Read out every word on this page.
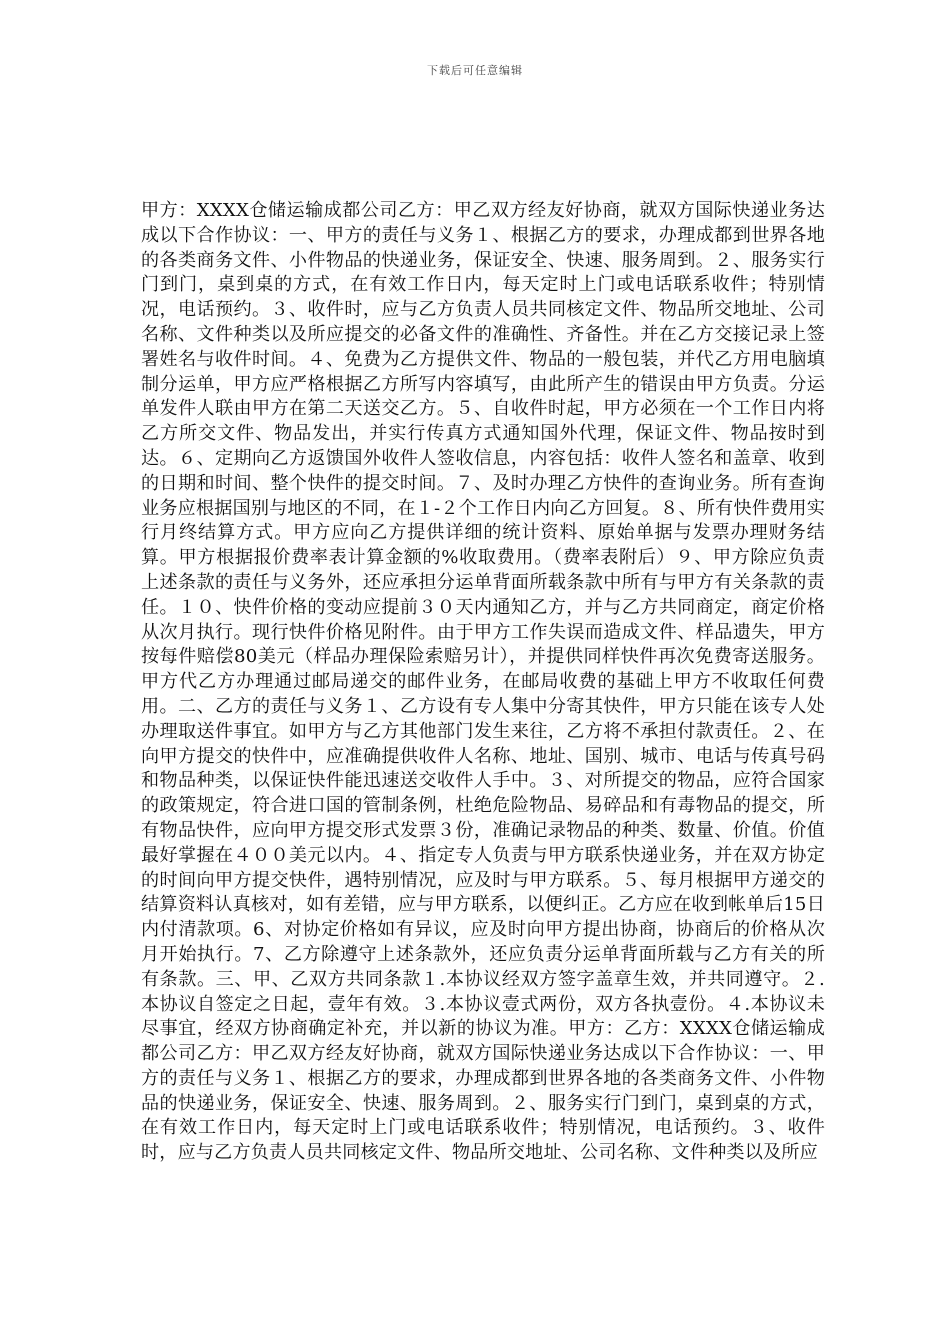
下载后可任意编辑

甲方：XXXX仓储运输成都公司乙方：甲乙双方经友好协商，就双方国际快递业务达成以下合作协议：一、甲方的责任与义务１、根据乙方的要求，办理成都到世界各地的各类商务文件、小件物品的快递业务，保证安全、快速、服务周到。２、服务实行门到门，桌到桌的方式，在有效工作日内，每天定时上门或电话联系收件；特别情况，电话预约。３、收件时，应与乙方负责人员共同核定文件、物品所交地址、公司名称、文件种类以及所应提交的必备文件的准确性、齐备性。并在乙方交接记录上签署姓名与收件时间。４、免费为乙方提供文件、物品的一般包装，并代乙方用电脑填制分运单，甲方应严格根据乙方所写内容填写，由此所产生的错误由甲方负责。分运单发件人联由甲方在第二天送交乙方。５、自收件时起，甲方必须在一个工作日内将乙方所交文件、物品发出，并实行传真方式通知国外代理，保证文件、物品按时到达。６、定期向乙方返馈国外收件人签收信息，内容包括：收件人签名和盖章、收到的日期和时间、整个快件的提交时间。７、及时办理乙方快件的查询业务。所有查询业务应根据国别与地区的不同，在１-２个工作日内向乙方回复。８、所有快件费用实行月终结算方式。甲方应向乙方提供详细的统计资料、原始单据与发票办理财务结算。甲方根据报价费率表计算金额的%收取费用。（费率表附后）９、甲方除应负责上述条款的责任与义务外，还应承担分运单背面所载条款中所有与甲方有关条款的责任。１０、快件价格的变动应提前３０天内通知乙方，并与乙方共同商定，商定价格从次月执行。现行快件价格见附件。由于甲方工作失误而造成文件、样品遗失，甲方按每件赔偿80美元（样品办理保险索赔另计），并提供同样快件再次免费寄送服务。甲方代乙方办理通过邮局递交的邮件业务，在邮局收费的基础上甲方不收取任何费用。二、乙方的责任与义务１、乙方设有专人集中分寄其快件，甲方只能在该专人处办理取送件事宜。如甲方与乙方其他部门发生来往，乙方将不承担付款责任。２、在向甲方提交的快件中，应准确提供收件人名称、地址、国别、城市、电话与传真号码和物品种类，以保证快件能迅速送交收件人手中。３、对所提交的物品，应符合国家的政策规定，符合进口国的管制条例，杜绝危险物品、易碎品和有毒物品的提交，所有物品快件，应向甲方提交形式发票３份，准确记录物品的种类、数量、价值。价值最好掌握在４００美元以内。４、指定专人负责与甲方联系快递业务，并在双方协定的时间向甲方提交快件，遇特别情况，应及时与甲方联系。５、每月根据甲方递交的结算资料认真核对，如有差错，应与甲方联系，以便纠正。乙方应在收到帐单后15日内付清款项。6、对协定价格如有异议，应及时向甲方提出协商，协商后的价格从次月开始执行。7、乙方除遵守上述条款外，还应负责分运单背面所载与乙方有关的所有条款。三、甲、乙双方共同条款１.本协议经双方签字盖章生效，并共同遵守。２.本协议自签定之日起，壹年有效。３.本协议壹式两份，双方各执壹份。４.本协议未尽事宜，经双方协商确定补充，并以新的协议为准。甲方：乙方：XXXX仓储运输成都公司乙方：甲乙双方经友好协商，就双方国际快递业务达成以下合作协议：一、甲方的责任与义务１、根据乙方的要求，办理成都到世界各地的各类商务文件、小件物品的快递业务，保证安全、快速、服务周到。２、服务实行门到门，桌到桌的方式，在有效工作日内，每天定时上门或电话联系收件；特别情况，电话预约。３、收件时，应与乙方负责人员共同核定文件、物品所交地址、公司名称、文件种类以及所应
